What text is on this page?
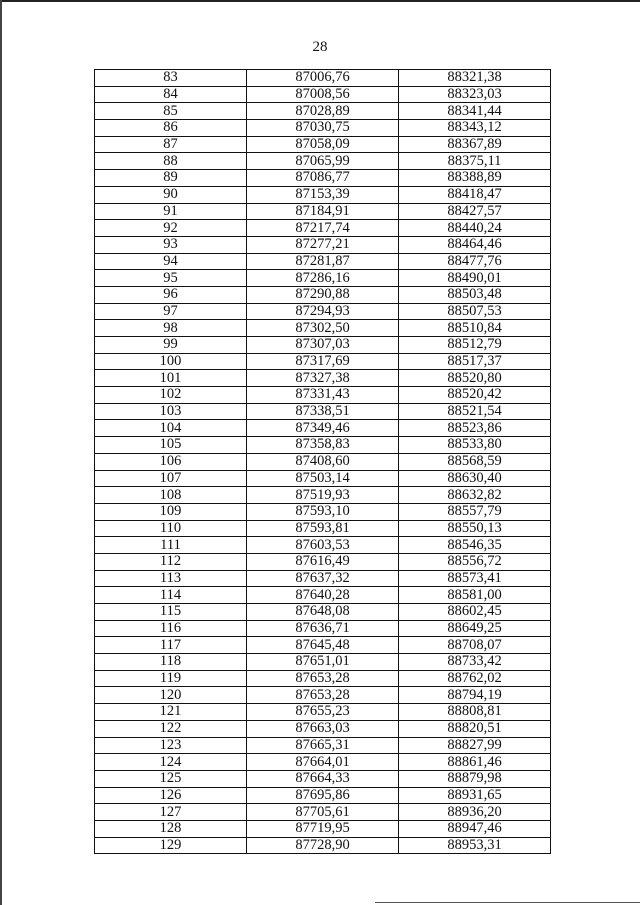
28
83	87006,76	88321,38
84	87008,56	88323,03
85	87028,89	88341,44
86	87030,75	88343,12
87	87058,09	88367,89
88	87065,99	88375,11
89	87086,77	88388,89
90	87153,39	88418,47
91	87184,91	88427,57
92	87217,74	88440,24
93	87277,21	88464,46
94	87281,87	88477,76
95	87286,16	88490,01
96	87290,88	88503,48
97	87294,93	88507,53
98	87302,50	88510,84
99	87307,03	88512,79
100	87317,69	88517,37
101	87327,38	88520,80
102	87331,43	88520,42
103	87338,51	88521,54
104	87349,46	88523,86
105	87358,83	88533,80
106	87408,60	88568,59
107	87503,14	88630,40
108	87519,93	88632,82
109	87593,10	88557,79
110	87593,81	88550,13
111	87603,53	88546,35
112	87616,49	88556,72
113	87637,32	88573,41
114	87640,28	88581,00
115	87648,08	88602,45
116	87636,71	88649,25
117	87645,48	88708,07
118	87651,01	88733,42
119	87653,28	88762,02
120	87653,28	88794,19
121	87655,23	88808,81
122	87663,03	88820,51
123	87665,31	88827,99
124	87664,01	88861,46
125	87664,33	88879,98
126	87695,86	88931,65
127	87705,61	88936,20
128	87719,95	88947,46
129	87728,90	88953,31
